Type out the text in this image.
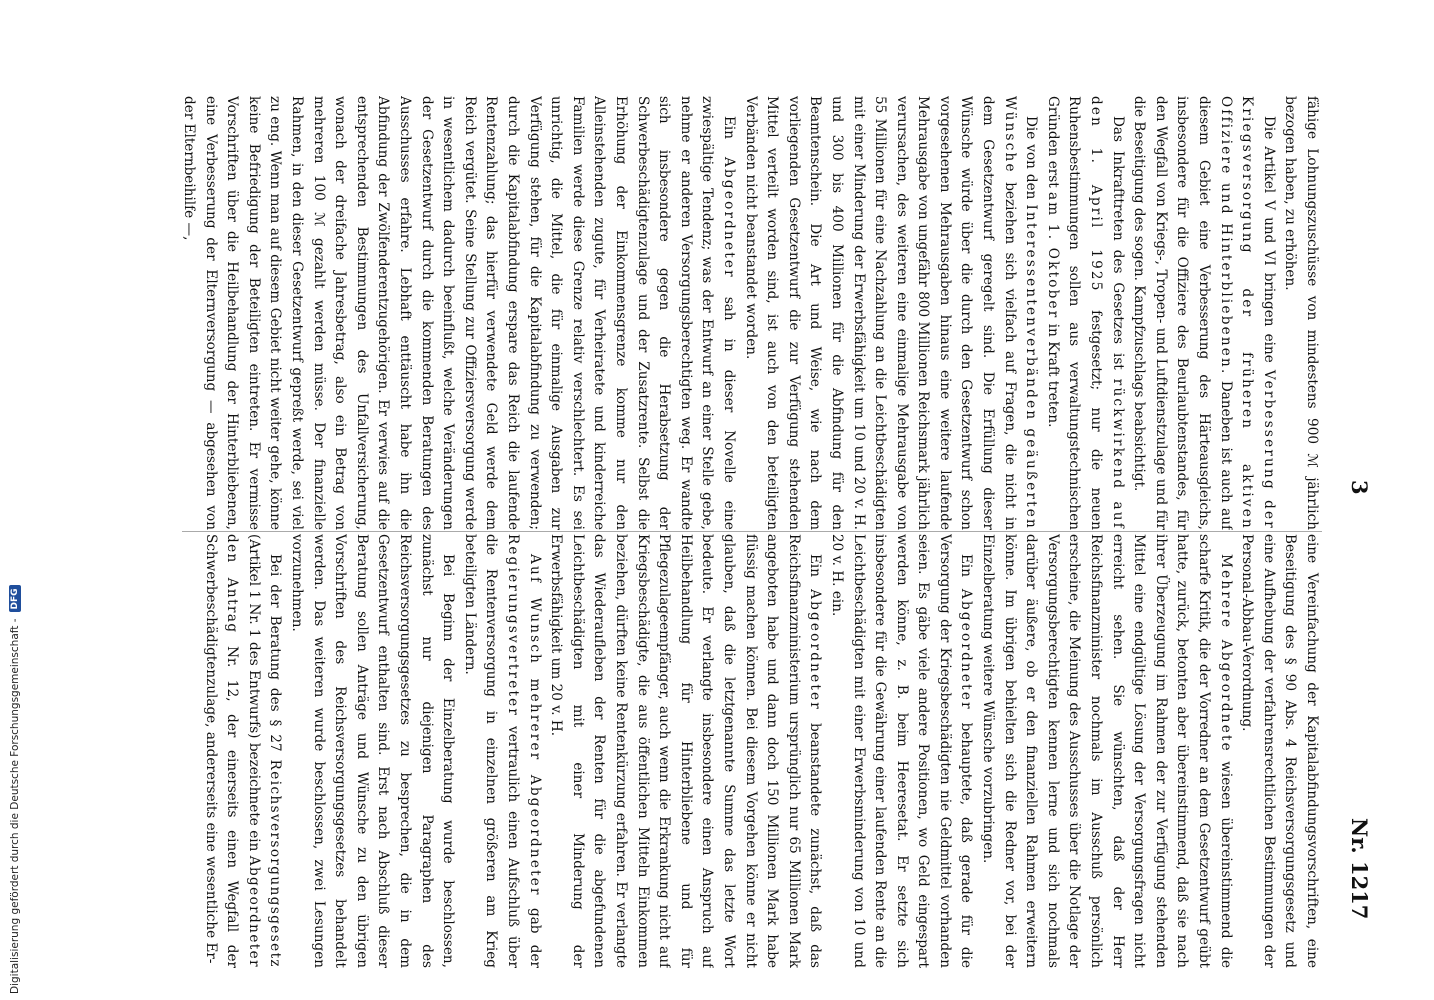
3
Nr. 1217

fähige Lohnungszuschüsse von mindestens 900 ℳ jährlich bezogen haben, zu erhöhen.

Die Artikel V und VI bringen eine Verbesserung der Kriegsversorgung der früheren aktiven Offiziere und Hinterbliebenen. Daneben ist auch auf diesem Gebiet eine Verbesserung des Härteausgleichs, insbesondere für die Offiziere des Beurlaubtenstandes, für den Wegfall von Kriegs-, Tropen- und Luftdienstzulage und für die Beseitigung des sogen. Kampfzuschlags beabsichtigt.

Das Inkrafttreten des Gesetzes ist rückwirkend auf den 1. April 1925 festgesetzt; nur die neuen Ruhensbestimmungen sollen aus verwaltungstechnischen Gründen erst am 1. Oktober in Kraft treten.

Die von den Interessentenverbänden geäußerten Wünsche beziehen sich vielfach auf Fragen, die nicht in dem Gesetzentwurf geregelt sind. Die Erfüllung dieser Wünsche würde über die durch den Gesetzentwurf schon vorgesehenen Mehrausgaben hinaus eine weitere laufende Mehrausgabe von ungefähr 800 Millionen Reichsmark jährlich verursachen, des weiteren eine einmalige Mehrausgabe von 55 Millionen für eine Nachzahlung an die Leichtbeschädigten mit einer Minderung der Erwerbsfähigkeit um 10 und 20 v. H. und 300 bis 400 Millionen für die Abfindung für den Beamtenschein. Die Art und Weise, wie nach dem vorliegenden Gesetzentwurf die zur Verfügung stehenden Mittel verteilt worden sind, ist auch von den beteiligten Verbänden nicht beanstandet worden.

Ein Abgeordneter sah in dieser Novelle eine zwiespältige Tendenz; was der Entwurf an einer Stelle gebe, nehme er anderen Versorgungsberechtigten weg. Er wandte sich insbesondere gegen die Herabsetzung der Schwerbeschädigtenzulage und der Zusatzrente. Selbst die Erhöhung der Einkommensgrenze komme nur den Alleinstehenden zugute, für Verheiratete und kinderreiche Familien werde diese Grenze relativ verschlechtert. Es sei unrichtig, die Mittel, die für einmalige Ausgaben zur Verfügung stehen, für die Kapitalabfindung zu verwenden; durch die Kapitalabfindung erspare das Reich die laufende Rentenzahlung; das hierfür verwendete Geld werde dem Reich vergütet. Seine Stellung zur Offiziersversorgung werde in wesentlichem dadurch beeinflußt, welche Veränderungen der Gesetzentwurf durch die kommenden Beratungen des Ausschusses erfahre. Lebhaft enttäuscht habe ihn die Abfindung der Zwölfenderentzugehörigen. Er verwies auf die entsprechenden Bestimmungen des Unfallversicherung, wonach der dreifache Jahresbetrag, also ein Betrag von mehreren 100 ℳ gezahlt werden müsse. Der finanzielle Rahmen, in den dieser Gesetzentwurf gepreßt werde, sei viel zu eng. Wenn man auf diesem Gebiet nicht weiter gehe, könne keine Befriedigung der Beteiligten eintreten. Er vermisse Vorschriften über die Heilbehandlung der Hinterbliebenen, eine Verbesserung der Elternversorgung — abgesehen von der Elternbeihilfe —,

eine Vereinfachung der Kapitalabfindungsvorschriften, eine Beseitigung des § 90 Abs. 4 Reichsversorgungsgesetz und eine Aufhebung der verfahrensrechtlichen Bestimmungen der Personal-Abbau-Verordnung.

Mehrere Abgeordnete wiesen übereinstimmend die scharfe Kritik, die der Vorredner an dem Gesetzentwurf geübt hatte, zurück, betonten aber übereinstimmend, daß sie nach ihrer Überzeugung im Rahmen der zur Verfügung stehenden Mittel eine endgültige Lösung der Versorgungsfragen nicht erreicht sehen. Sie wünschten, daß der Herr Reichsfinanzminister nochmals im Ausschuß persönlich erscheine, die Meinung des Ausschusses über die Notlage der Versorgungsberechtigten kennen lerne und sich nochmals darüber äußere, ob er den finanziellen Rahmen erweitern könne. Im übrigen behielten sich die Redner vor, bei der Einzelberatung weitere Wünsche vorzubringen.

Ein Abgeordneter behauptete, daß gerade für die Versorgung der Kriegsbeschädigten nie Geldmittel vorhanden seien. Es gäbe viele andere Positionen, wo Geld eingespart werden könne, z. B. beim Heeresetat. Er setzte sich insbesondere für die Gewährung einer laufenden Rente an die Leichtbeschädigten mit einer Erwerbsminderung von 10 und 20 v. H. ein.

Ein Abgeordneter beanstandete zunächst, daß das Reichsfinanzministerium ursprünglich nur 65 Millionen Mark angeboten habe und dann doch 150 Millionen Mark habe flüssig machen können. Bei diesem Vorgehen könne er nicht glauben, daß die letztgenannte Summe das letzte Wort bedeute. Er verlangte insbesondere einen Anspruch auf Heilbehandlung für Hinterbliebene und für Pflegezulageempfänger, auch wenn die Erkrankung nicht auf Kriegsbeschädigte, die aus öffentlichen Mitteln Einkommen beziehen, dürften keine Rentenkürzung erfahren. Er verlangte das Wiederaufleben der Renten für die abgefundenen Leichtbeschädigten mit einer Minderung der Erwerbsfähigkeit um 20 v. H.

Auf Wunsch mehrerer Abgeordneter gab der Regierungsvertreter vertraulich einen Aufschluß über die Rentenversorgung in einzelnen größeren am Krieg beteiligten Ländern.

Bei Beginn der Einzelberatung wurde beschlossen, zunächst nur diejenigen Paragraphen des Reichsversorgungsgesetzes zu besprechen, die in dem Gesetzentwurf enthalten sind. Erst nach Abschluß dieser Beratung sollen Anträge und Wünsche zu den übrigen Vorschriften des Reichsversorgungsgesetzes behandelt werden. Das weiteren wurde beschlossen, zwei Lesungen vorzunehmen.

Bei der Beratung des § 27 Reichsversorgungsgesetz (Artikel 1 Nr. 1 des Entwurfs) bezeichnete ein Abgeordneter den Antrag Nr. 12, der einerseits einen Wegfall der Schwerbeschädigtenzulage, andererseits eine wesentliche Er-

Digitalisierung gefördert durch die Deutsche Forschungsgemeinschaft -
DFG
